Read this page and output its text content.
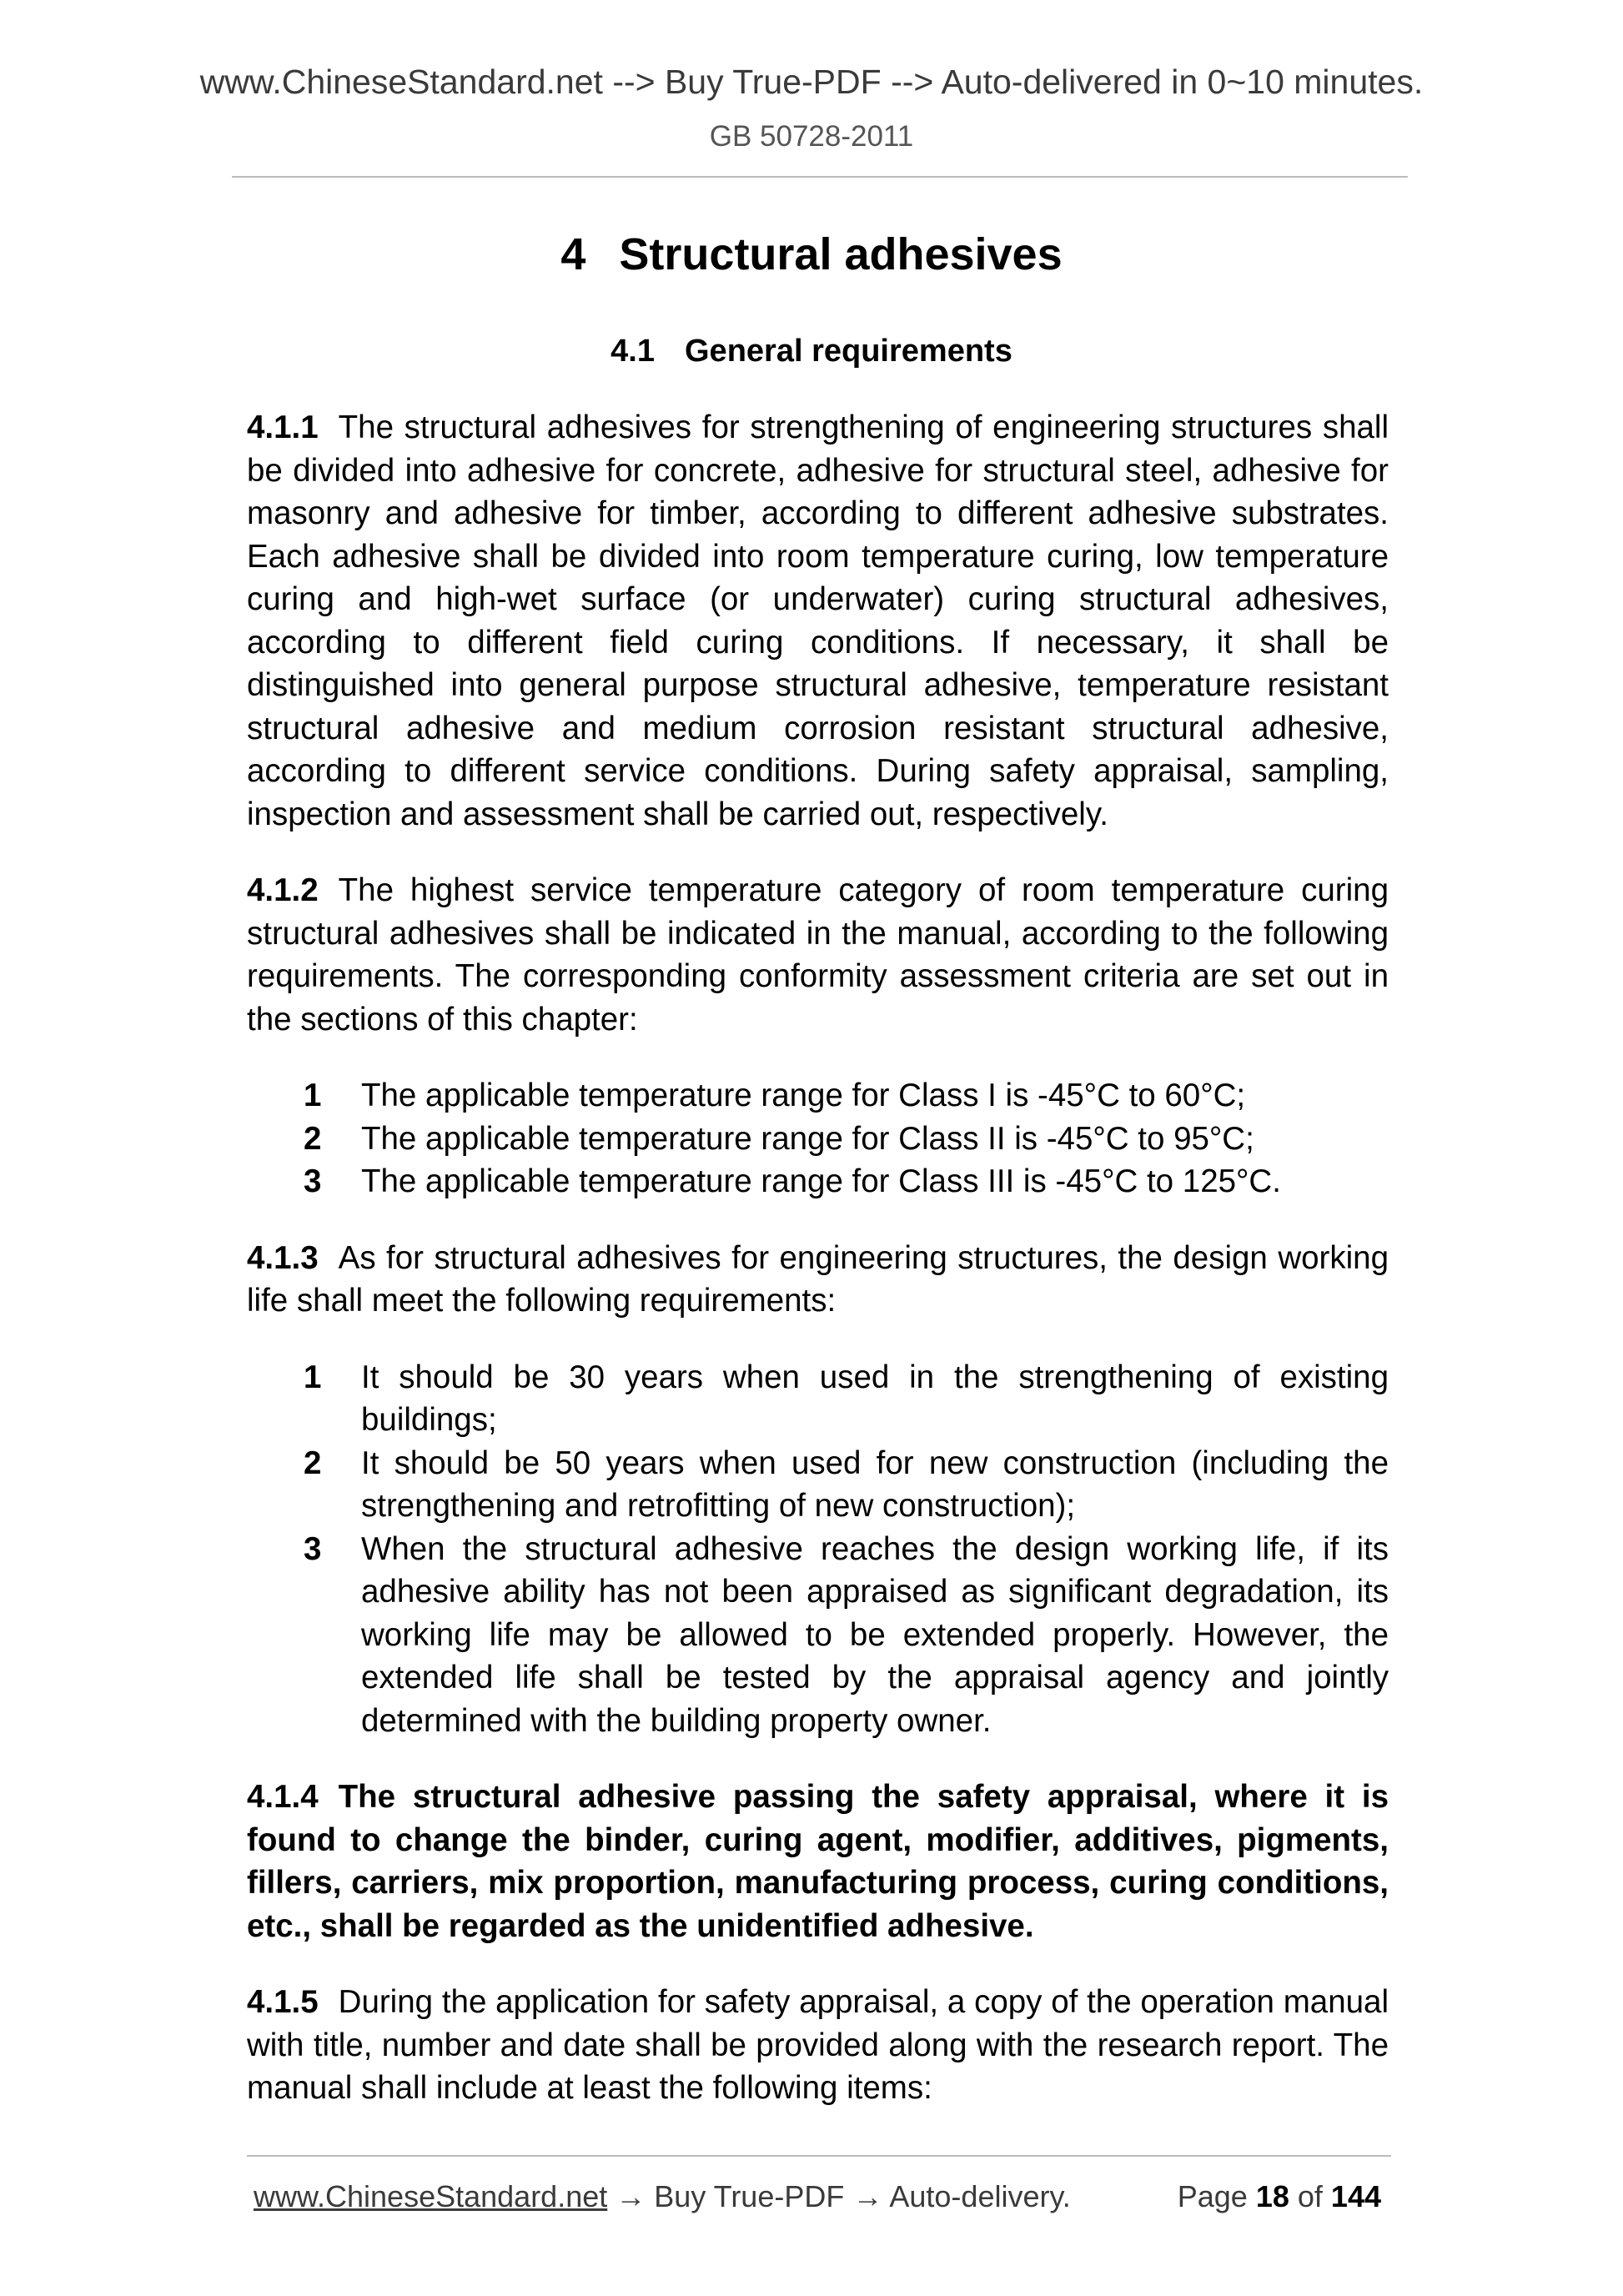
www.ChineseStandard.net --> Buy True-PDF --> Auto-delivered in 0~10 minutes.
GB 50728-2011
4 Structural adhesives
4.1 General requirements

4.1.1 The structural adhesives for strengthening of engineering structures shall be divided into adhesive for concrete, adhesive for structural steel, adhesive for masonry and adhesive for timber, according to different adhesive substrates. Each adhesive shall be divided into room temperature curing, low temperature curing and high-wet surface (or underwater) curing structural adhesives, according to different field curing conditions. If necessary, it shall be distinguished into general purpose structural adhesive, temperature resistant structural adhesive and medium corrosion resistant structural adhesive, according to different service conditions. During safety appraisal, sampling, inspection and assessment shall be carried out, respectively.

4.1.2 The highest service temperature category of room temperature curing structural adhesives shall be indicated in the manual, according to the following requirements. The corresponding conformity assessment criteria are set out in the sections of this chapter:

1	The applicable temperature range for Class I is -45°C to 60°C;
2	The applicable temperature range for Class II is -45°C to 95°C;
3	The applicable temperature range for Class III is -45°C to 125°C.

4.1.3 As for structural adhesives for engineering structures, the design working life shall meet the following requirements:

1	It should be 30 years when used in the strengthening of existing buildings;
2	It should be 50 years when used for new construction (including the strengthening and retrofitting of new construction);
3	When the structural adhesive reaches the design working life, if its adhesive ability has not been appraised as significant degradation, its working life may be allowed to be extended properly. However, the extended life shall be tested by the appraisal agency and jointly determined with the building property owner.

4.1.4 The structural adhesive passing the safety appraisal, where it is found to change the binder, curing agent, modifier, additives, pigments, fillers, carriers, mix proportion, manufacturing process, curing conditions, etc., shall be regarded as the unidentified adhesive.

4.1.5 During the application for safety appraisal, a copy of the operation manual with title, number and date shall be provided along with the research report. The manual shall include at least the following items:

www.ChineseStandard.net → Buy True-PDF → Auto-delivery.	Page 18 of 144
